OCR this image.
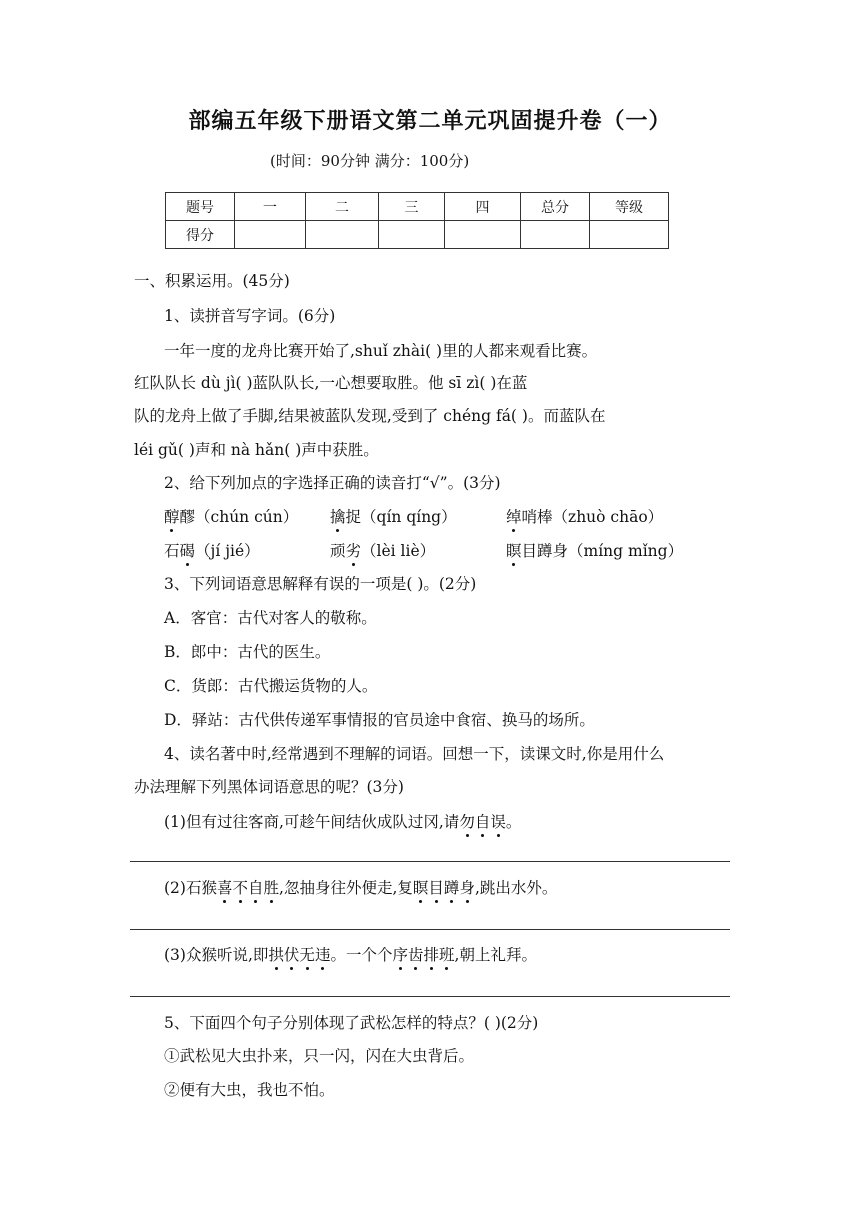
部编五年级下册语文第二单元巩固提升卷（一）
(时间：90分钟 满分：100分)
题号	一	二	三	四	总分	等级
得分						
一、积累运用。(45分)
1、读拼音写字词。(6分)
一年一度的龙舟比赛开始了,shuǐ zhài( )里的人都来观看比赛。
红队队长 dù jì( )蓝队队长,一心想要取胜。他 sī zì( )在蓝
队的龙舟上做了手脚,结果被蓝队发现,受到了 chéng fá( )。而蓝队在
léi gǔ( )声和 nà hǎn( )声中获胜。
2、给下列加点的字选择正确的读音打“√”。(3分)
醇醪（chún cún） 擒捉（qín qíng）	绰哨棒（zhuò chāo）
石碣（jí jié）	顽劣（lèi liè）	瞑目蹲身（míng mǐng）
3、下列词语意思解释有误的一项是( )。(2分)
A．客官：古代对客人的敬称。
B．郎中：古代的医生。
C．货郎：古代搬运货物的人。
D．驿站：古代供传递军事情报的官员途中食宿、换马的场所。
4、读名著中时,经常遇到不理解的词语。回想一下，读课文时,你是用什么
办法理解下列黑体词语意思的呢？(3分)
(1)但有过往客商,可趁午间结伙成队过冈,请勿自误。
(2)石猴喜不自胜,忽抽身往外便走,复瞑目蹲身,跳出水外。
(3)众猴听说,即拱伏无违。一个个序齿排班,朝上礼拜。
5、下面四个句子分别体现了武松怎样的特点？( )(2分)
①武松见大虫扑来，只一闪，闪在大虫背后。
②便有大虫，我也不怕。
